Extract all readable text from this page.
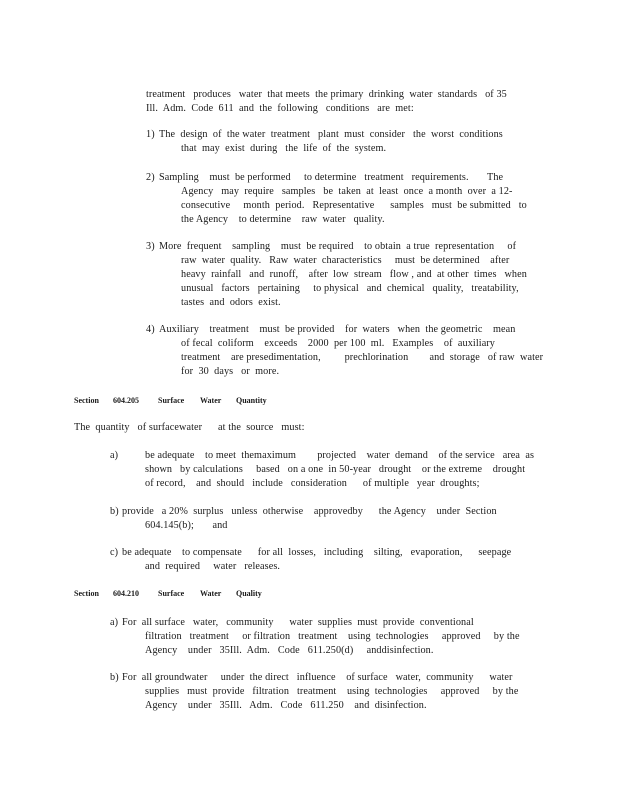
treatment   produces   water  that meets  the primary  drinking  water  standards   of 35

Ill.  Adm.  Code  611  and  the  following   conditions   are  met:

1) The  design  of  the water  treatment   plant  must  consider   the  worst  conditions

that  may  exist  during   the  life  of  the  system.

2) Sampling    must  be performed     to determine   treatment   requirements.       The

Agency   may  require   samples   be  taken  at  least  once  a month  over  a 12-

consecutive     month  period.   Representative      samples   must  be submitted   to

the Agency    to determine    raw  water   quality.

3) More  frequent    sampling    must  be required    to obtain  a true  representation     of

raw  water  quality.   Raw  water  characteristics     must  be determined    after

heavy  rainfall   and  runoff,    after  low  stream   flow , and  at other  times   when

unusual   factors   pertaining     to physical   and  chemical   quality,   treatability,

tastes  and  odors  exist.

4) Auxiliary    treatment    must  be provided    for  waters   when  the geometric    mean

of fecal  coliform    exceeds    2000  per 100  ml.   Examples    of  auxiliary

treatment    are presedimentation,         prechlorination        and  storage   of raw  water

for  30  days   or  more.

Section 604.205 Surface Water Quantity

The  quantity   of surfacewater      at the  source   must:

a)	be adequate    to meet  themaximum        projected    water  demand    of the service   area  as

shown   by calculations     based   on a one  in 50-year   drought    or the extreme    drought

of record,    and  should   include   consideration      of multiple   year  droughts;

b) provide   a 20%  surplus   unless  otherwise    approvedby      the Agency    under  Section

604.145(b);       and

c) be adequate    to compensate      for all  losses,   including    silting,   evaporation,      seepage

and  required     water   releases.

Section 604.210 Surface Water Quality
a) For  all surface   water,   community      water  supplies  must  provide  conventional

filtration   treatment     or filtration   treatment    using  technologies     approved     by the

Agency    under   35Ill.  Adm.   Code   611.250(d)     anddisinfection.

b) For  all groundwater     under  the direct   influence    of surface   water,  community      water

supplies   must  provide   filtration   treatment    using  technologies     approved     by the

Agency    under   35Ill.   Adm.   Code   611.250    and  disinfection.
